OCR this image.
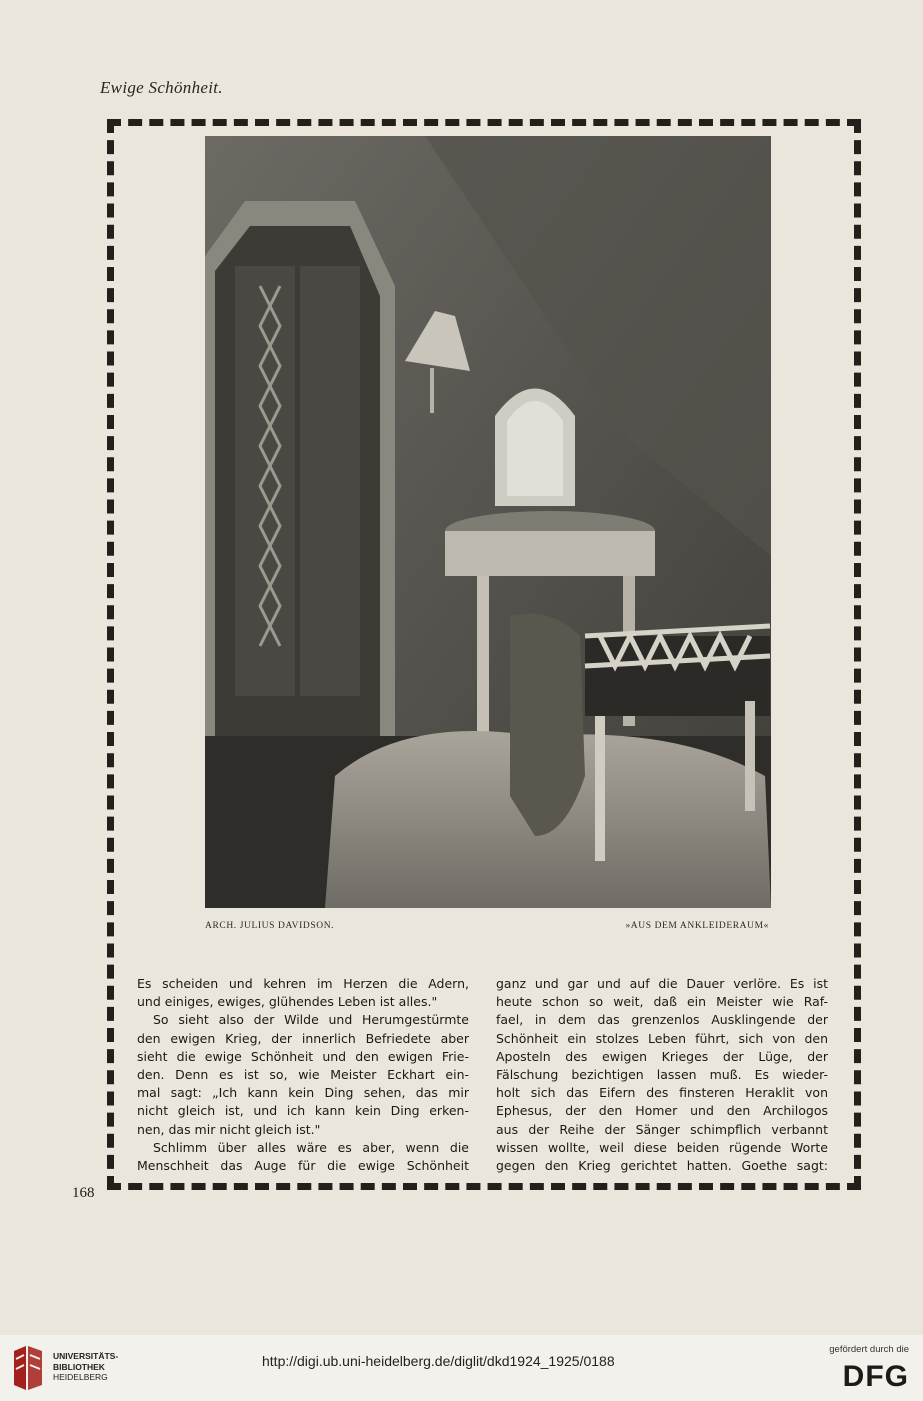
Ewige Schönheit.
ARCH. JULIUS DAVIDSON.	»AUS DEM ANKLEIDERAUM«
Es scheiden und kehren im Herzen die Adern,
und einiges, ewiges, glühendes Leben ist alles."
So sieht also der Wilde und Herumgestürmte
den ewigen Krieg, der innerlich Befriedete aber
sieht die ewige Schönheit und den ewigen Frie-
den. Denn es ist so, wie Meister Eckhart ein-
mal sagt: „Ich kann kein Ding sehen, das mir
nicht gleich ist, und ich kann kein Ding erken-
nen, das mir nicht gleich ist."
Schlimm über alles wäre es aber, wenn die
Menschheit das Auge für die ewige Schönheit
ganz und gar und auf die Dauer verlöre. Es ist
heute schon so weit, daß ein Meister wie Raf-
fael, in dem das grenzenlos Ausklingende der
Schönheit ein stolzes Leben führt, sich von den
Aposteln des ewigen Krieges der Lüge, der
Fälschung bezichtigen lassen muß. Es wieder-
holt sich das Eifern des finsteren Heraklit von
Ephesus, der den Homer und den Archilogos
aus der Reihe der Sänger schimpflich verbannt
wissen wollte, weil diese beiden rügende Worte
gegen den Krieg gerichtet hatten. Goethe sagt:
168
UNIVERSITÄTS-
BIBLIOTHEK
HEIDELBERG
http://digi.ub.uni-heidelberg.de/diglit/dkd1924_1925/0188
gefördert durch die
DFG
